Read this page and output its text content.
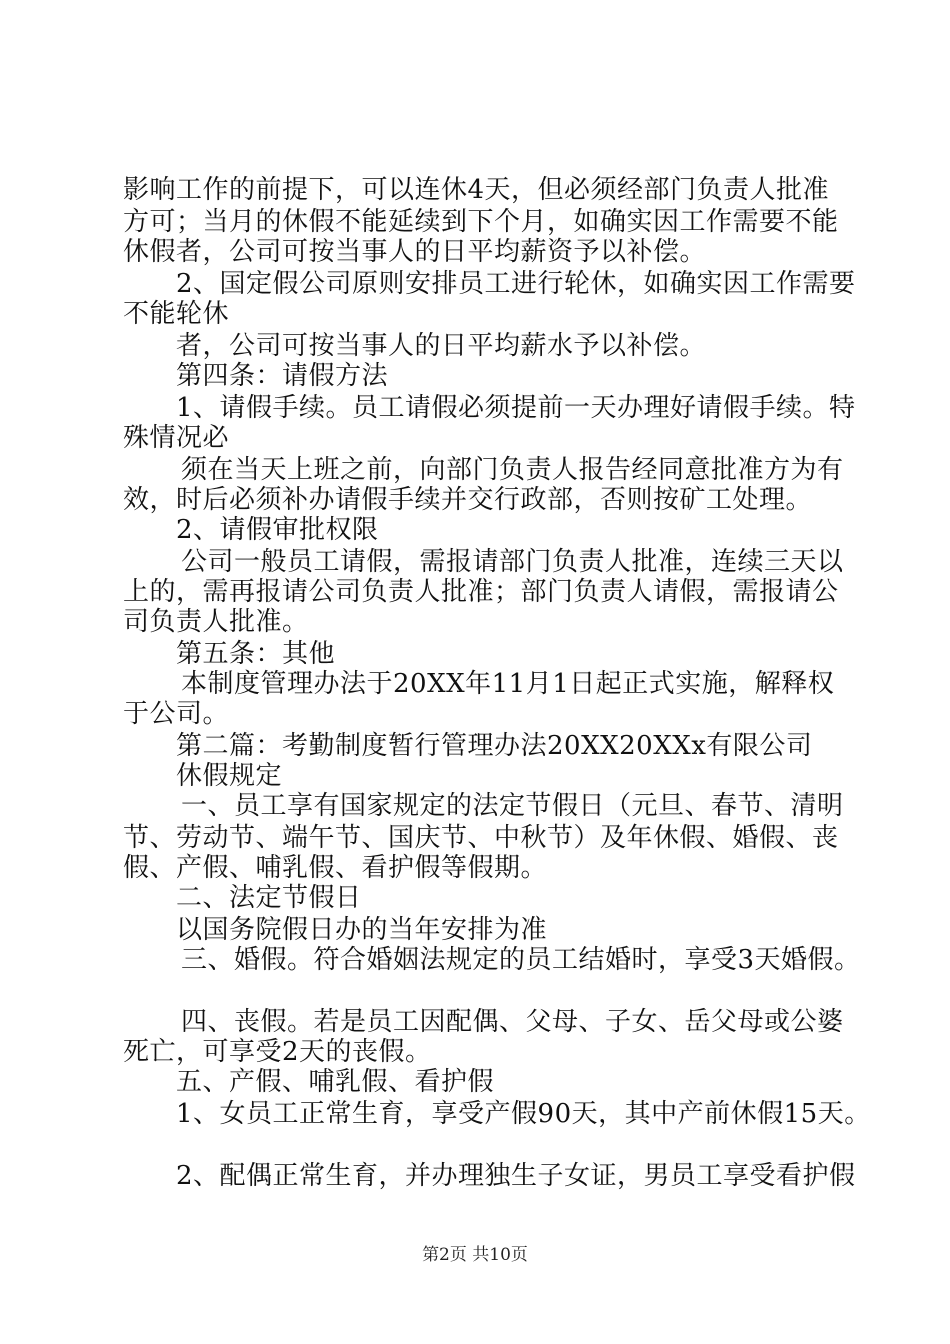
影响工作的前提下，可以连休4天，但必须经部门负责人批准
方可；当月的休假不能延续到下个月，如确实因工作需要不能
休假者，公司可按当事人的日平均薪资予以补偿。
2、国定假公司原则安排员工进行轮休，如确实因工作需要
不能轮休
者，公司可按当事人的日平均薪水予以补偿。
第四条：请假方法
1、请假手续。员工请假必须提前一天办理好请假手续。特
殊情况必
须在当天上班之前，向部门负责人报告经同意批准方为有
效，时后必须补办请假手续并交行政部，否则按矿工处理。
2、请假审批权限
公司一般员工请假，需报请部门负责人批准，连续三天以
上的，需再报请公司负责人批准；部门负责人请假，需报请公
司负责人批准。
第五条：其他
本制度管理办法于20XX年11月1日起正式实施，解释权
于公司。
第二篇：考勤制度暂行管理办法20XX20XXx有限公司
休假规定
一、员工享有国家规定的法定节假日（元旦、春节、清明
节、劳动节、端午节、国庆节、中秋节）及年休假、婚假、丧
假、产假、哺乳假、看护假等假期。
二、法定节假日
以国务院假日办的当年安排为准
三、婚假。符合婚姻法规定的员工结婚时，享受3天婚假。
四、丧假。若是员工因配偶、父母、子女、岳父母或公婆
死亡，可享受2天的丧假。
五、产假、哺乳假、看护假
1、女员工正常生育，享受产假90天，其中产前休假15天。
2、配偶正常生育，并办理独生子女证，男员工享受看护假
第2页 共10页
